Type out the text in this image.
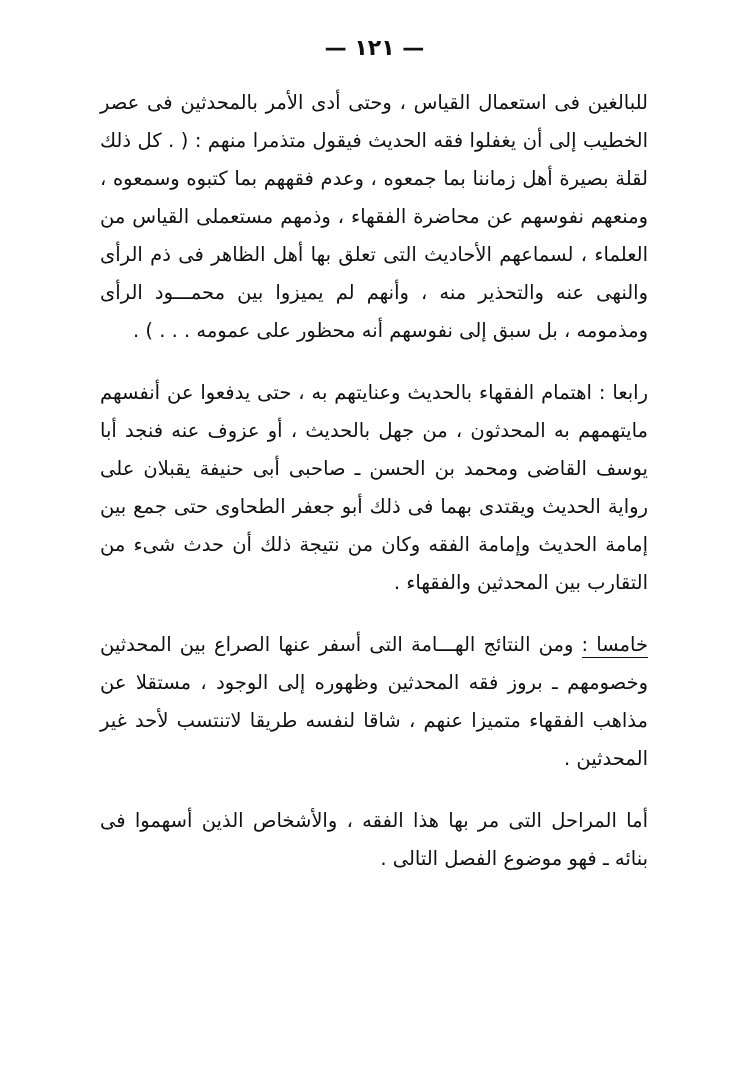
— ١٢١ —

للبالغين فى استعمال القياس ، وحتى أدى الأمر بالمحدثين فى عصر الخطيب إلى أن يغفلوا فقه الحديث فيقول متذمرا منهم : ( . كل ذلك لقلة بصيرة أهل زماننا بما جمعوه ، وعدم فقههم بما كتبوه وسمعوه ، ومنعهم نفوسهم عن محاضرة الفقهاء ، وذمهم مستعملى القياس من العلماء ، لسماعهم الأحاديث التى تعلق بها أهل الظاهر فى ذم الرأى والنهى عنه والتحذير منه ، وأنهم لم يميزوا بين محمـــود الرأى ومذمومه ، بل سبق إلى نفوسهم أنه محظور على عمومه . . . ) .

رابعا : اهتمام الفقهاء بالحديث وعنايتهم به ، حتى يدفعوا عن أنفسهم مايتهمهم به المحدثون ، من جهل بالحديث ، أو عزوف عنه فنجد أبا يوسف القاضى ومحمد بن الحسن ـ صاحبى أبى حنيفة يقبلان على رواية الحديث ويقتدى بهما فى ذلك أبو جعفر الطحاوى حتى جمع بين إمامة الحديث وإمامة الفقه وكان من نتيجة ذلك أن حدث شىء من التقارب بين المحدثين والفقهاء .

خامسا : ومن النتائج الهـــامة التى أسفر عنها الصراع بين المحدثين وخصومهم ـ بروز فقه المحدثين وظهوره إلى الوجود ، مستقلا عن مذاهب الفقهاء متميزا عنهم ، شاقا لنفسه طريقا لاتنتسب لأحد غير المحدثين .

أما المراحل التى مر بها هذا الفقه ، والأشخاص الذين أسهموا فى بنائه ـ فهو موضوع الفصل التالى .
